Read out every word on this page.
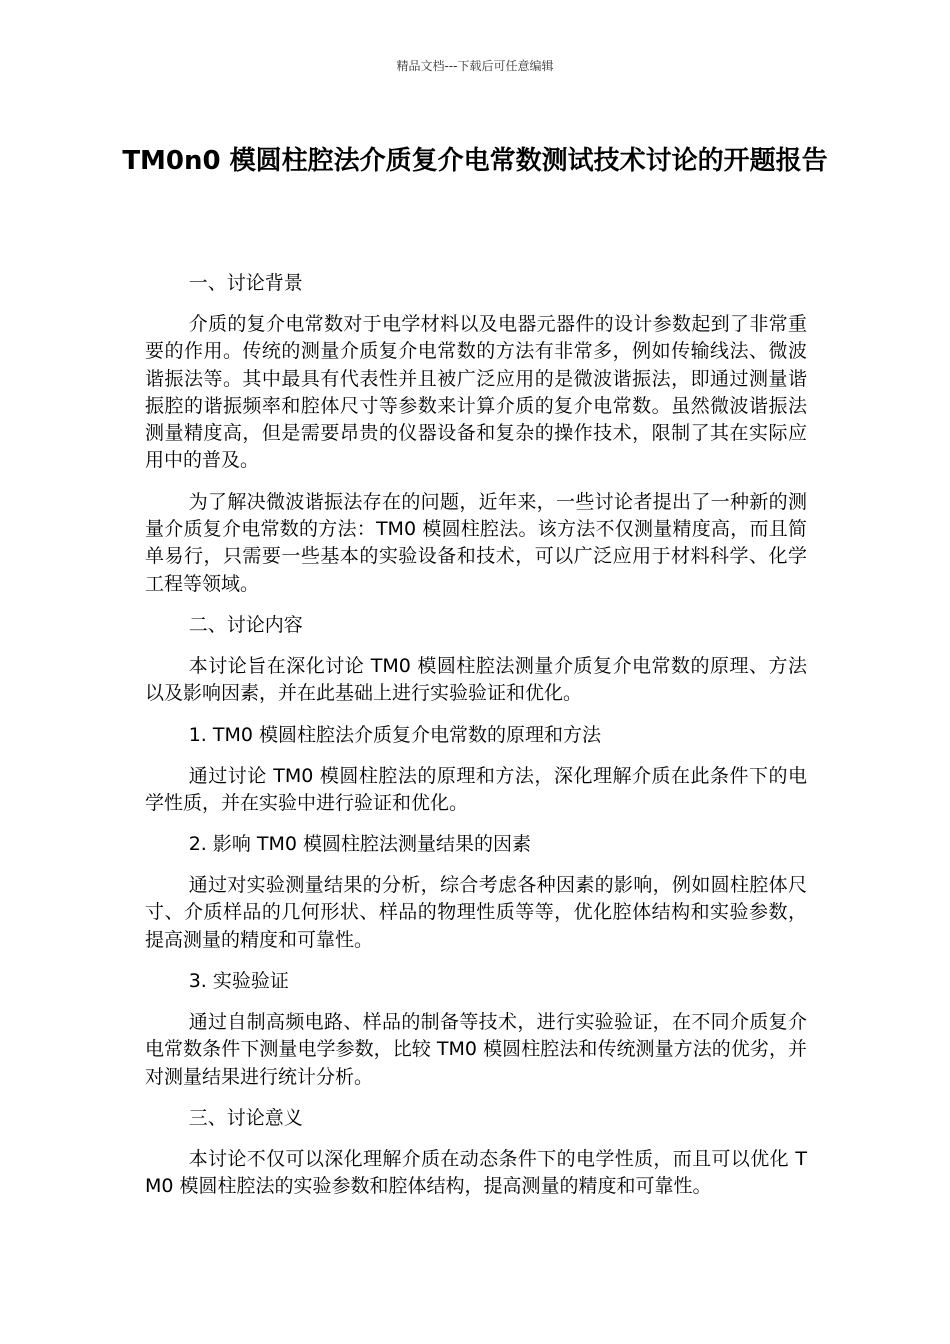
精品文档---下载后可任意编辑
TM0n0 模圆柱腔法介质复介电常数测试技术讨论的开题报告
一、讨论背景
介质的复介电常数对于电学材料以及电器元器件的设计参数起到了非常重要的作用。传统的测量介质复介电常数的方法有非常多，例如传输线法、微波谐振法等。其中最具有代表性并且被广泛应用的是微波谐振法，即通过测量谐振腔的谐振频率和腔体尺寸等参数来计算介质的复介电常数。虽然微波谐振法测量精度高，但是需要昂贵的仪器设备和复杂的操作技术，限制了其在实际应用中的普及。
为了解决微波谐振法存在的问题，近年来，一些讨论者提出了一种新的测量介质复介电常数的方法：TM0 模圆柱腔法。该方法不仅测量精度高，而且简单易行，只需要一些基本的实验设备和技术，可以广泛应用于材料科学、化学工程等领域。
二、讨论内容
本讨论旨在深化讨论 TM0 模圆柱腔法测量介质复介电常数的原理、方法以及影响因素，并在此基础上进行实验验证和优化。
1. TM0 模圆柱腔法介质复介电常数的原理和方法
通过讨论 TM0 模圆柱腔法的原理和方法，深化理解介质在此条件下的电学性质，并在实验中进行验证和优化。
2. 影响 TM0 模圆柱腔法测量结果的因素
通过对实验测量结果的分析，综合考虑各种因素的影响，例如圆柱腔体尺寸、介质样品的几何形状、样品的物理性质等等，优化腔体结构和实验参数，提高测量的精度和可靠性。
3. 实验验证
通过自制高频电路、样品的制备等技术，进行实验验证，在不同介质复介电常数条件下测量电学参数，比较 TM0 模圆柱腔法和传统测量方法的优劣，并对测量结果进行统计分析。
三、讨论意义
本讨论不仅可以深化理解介质在动态条件下的电学性质，而且可以优化 TM0 模圆柱腔法的实验参数和腔体结构，提高测量的精度和可靠性。
